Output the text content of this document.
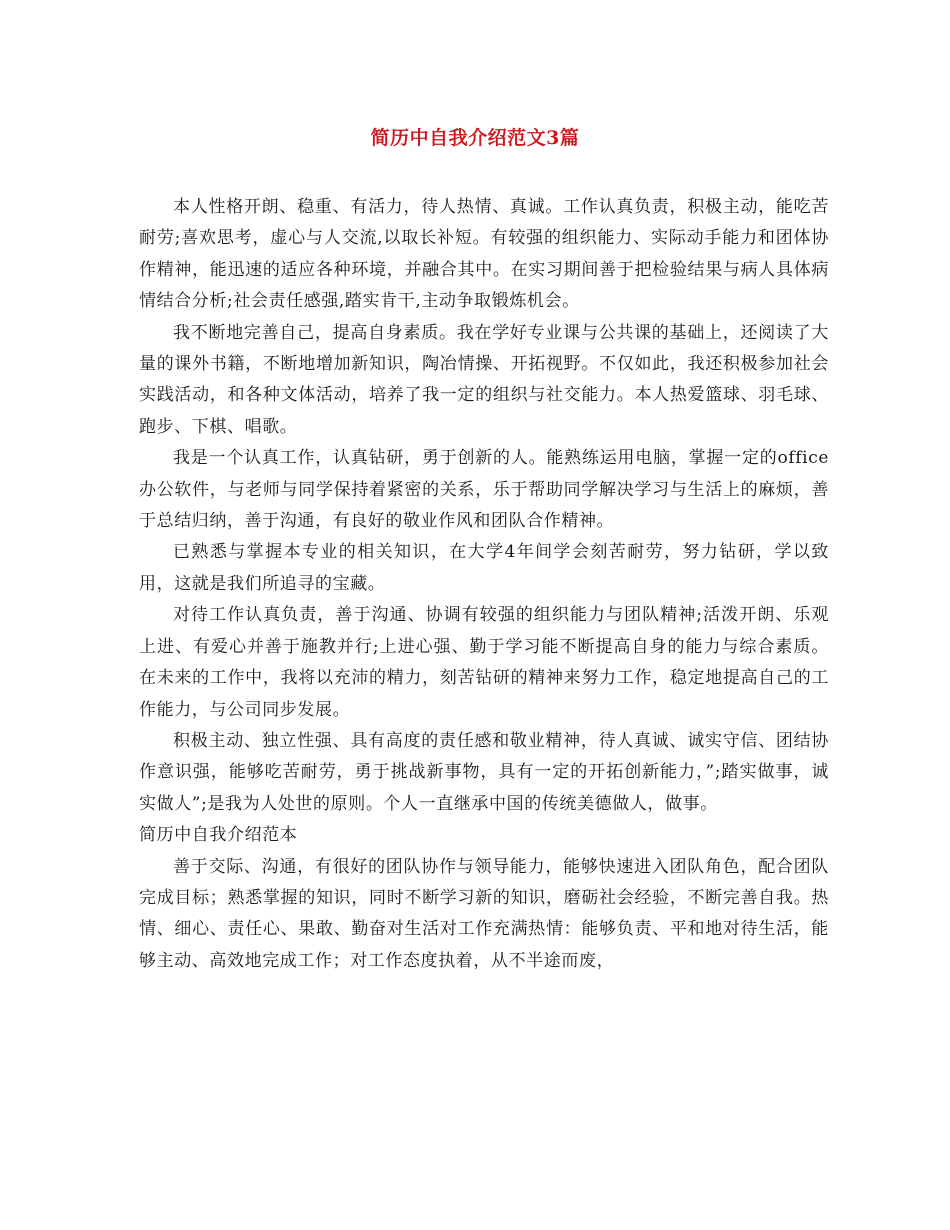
简历中自我介绍范文3篇

本人性格开朗、稳重、有活力，待人热情、真诚。工作认真负责，积极主动，能吃苦耐劳;喜欢思考，虚心与人交流,以取长补短。有较强的组织能力、实际动手能力和团体协作精神，能迅速的适应各种环境，并融合其中。在实习期间善于把检验结果与病人具体病情结合分析;社会责任感强,踏实肯干,主动争取锻炼机会。

我不断地完善自己，提高自身素质。我在学好专业课与公共课的基础上，还阅读了大量的课外书籍，不断地增加新知识，陶冶情操、开拓视野。不仅如此，我还积极参加社会实践活动，和各种文体活动，培养了我一定的组织与社交能力。本人热爱篮球、羽毛球、跑步、下棋、唱歌。

我是一个认真工作，认真钻研，勇于创新的人。能熟练运用电脑，掌握一定的office办公软件，与老师与同学保持着紧密的关系，乐于帮助同学解决学习与生活上的麻烦，善于总结归纳，善于沟通，有良好的敬业作风和团队合作精神。

已熟悉与掌握本专业的相关知识，在大学4年间学会刻苦耐劳，努力钻研，学以致用，这就是我们所追寻的宝藏。

对待工作认真负责，善于沟通、协调有较强的组织能力与团队精神;活泼开朗、乐观上进、有爱心并善于施教并行;上进心强、勤于学习能不断提高自身的能力与综合素质。在未来的工作中，我将以充沛的精力，刻苦钻研的精神来努力工作，稳定地提高自己的工作能力，与公司同步发展。

积极主动、独立性强、具有高度的责任感和敬业精神，待人真诚、诚实守信、团结协作意识强，能够吃苦耐劳，勇于挑战新事物，具有一定的开拓创新能力，”;踏实做事，诚实做人”;是我为人处世的原则。个人一直继承中国的传统美德做人，做事。

简历中自我介绍范本

善于交际、沟通，有很好的团队协作与领导能力，能够快速进入团队角色，配合团队完成目标；熟悉掌握的知识，同时不断学习新的知识，磨砺社会经验，不断完善自我。热情、细心、责任心、果敢、勤奋对生活对工作充满热情：能够负责、平和地对待生活，能够主动、高效地完成工作；对工作态度执着，从不半途而废，
